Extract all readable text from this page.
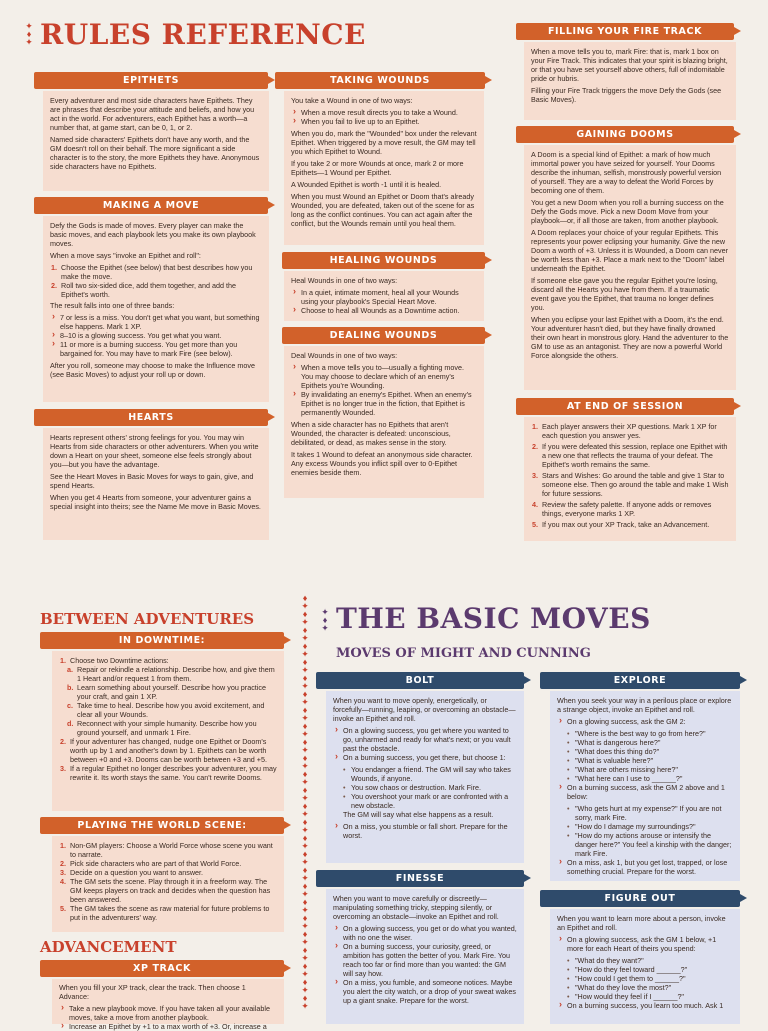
✦
♦
✦ RULES REFERENCE
EPITHETS

Every adventurer and most side characters have Epithets. They are phrases that describe your attitude and beliefs, and how you act in the world. For adventurers, each Epithet has a worth—a number that, at game start, can be 0, 1, or 2.

Named side characters' Epithets don't have any worth, and the GM doesn't roll on their behalf. The more significant a side character is to the story, the more Epithets they have. Anonymous side characters have no Epithets.

MAKING A MOVE

Defy the Gods is made of moves. Every player can make the basic moves, and each playbook lets you make its own playbook moves.

When a move says "invoke an Epithet and roll":

1. Choose the Epithet (see below) that best describes how you make the move.
2. Roll two six-sided dice, add them together, and add the Epithet's worth.

The result falls into one of three bands:

› 7 or less is a miss. You don't get what you want, but something else happens. Mark 1 XP.
› 8–10 is a glowing success. You get what you want.
› 11 or more is a burning success. You get more than you bargained for. You may have to mark Fire (see below).

After you roll, someone may choose to make the Influence move (see Basic Moves) to adjust your roll up or down.

HEARTS

Hearts represent others' strong feelings for you. You may win Hearts from side characters or other adventurers. When you write down a Heart on your sheet, someone else feels strongly about you—but you have the advantage.

See the Heart Moves in Basic Moves for ways to gain, give, and spend Hearts.

When you get 4 Hearts from someone, your adventurer gains a special insight into theirs; see the Name Me move in Basic Moves.

TAKING WOUNDS

You take a Wound in one of two ways:

› When a move result directs you to take a Wound.
› When you fail to live up to an Epithet.

When you do, mark the "Wounded" box under the relevant Epithet. When triggered by a move result, the GM may tell you which Epithet to Wound.

If you take 2 or more Wounds at once, mark 2 or more Epithets—1 Wound per Epithet.

A Wounded Epithet is worth -1 until it is healed.

When you must Wound an Epithet or Doom that's already Wounded, you are defeated, taken out of the scene for as long as the conflict continues. You can act again after the conflict, but the Wounds remain until you heal them.

HEALING WOUNDS

Heal Wounds in one of two ways:

› In a quiet, intimate moment, heal all your Wounds using your playbook's Special Heart Move.
› Choose to heal all Wounds as a Downtime action.
DEALING WOUNDS

Deal Wounds in one of two ways:

› When a move tells you to—usually a fighting move. You may choose to declare which of an enemy's Epithets you're Wounding.
› By invalidating an enemy's Epithet. When an enemy's Epithet is no longer true in the fiction, that Epithet is permanently Wounded.

When a side character has no Epithets that aren't Wounded, the character is defeated: unconscious, debilitated, or dead, as makes sense in the story.

It takes 1 Wound to defeat an anonymous side character. Any excess Wounds you inflict spill over to 0-Epithet enemies beside them.

FILLING YOUR FIRE TRACK

When a move tells you to, mark Fire: that is, mark 1 box on your Fire Track. This indicates that your spirit is blazing bright, or that you have set yourself above others, full of indomitable pride or hubris.

Filling your Fire Track triggers the move Defy the Gods (see Basic Moves).

GAINING DOOMS

A Doom is a special kind of Epithet: a mark of how much immortal power you have seized for yourself. Your Dooms describe the inhuman, selfish, monstrously powerful version of yourself. They are a way to defeat the World Forces by becoming one of them.

You get a new Doom when you roll a burning success on the Defy the Gods move. Pick a new Doom Move from your playbook—or, if all those are taken, from another playbook.

A Doom replaces your choice of your regular Epithets. This represents your power eclipsing your humanity. Give the new Doom a worth of +3. Unless it is Wounded, a Doom can never be worth less than +3. Place a mark next to the "Doom" label underneath the Epithet.

If someone else gave you the regular Epithet you're losing, discard all the Hearts you have from them. If a traumatic event gave you the Epithet, that trauma no longer defines you.

When you eclipse your last Epithet with a Doom, it's the end. Your adventurer hasn't died, but they have finally drowned their own heart in monstrous glory. Hand the adventurer to the GM to use as an antagonist. They are now a powerful World Force alongside the others.

AT END OF SESSION
1. Each player answers their XP questions. Mark 1 XP for each question you answer yes.
2. If you were defeated this session, replace one Epithet with a new one that reflects the trauma of your defeat. The Epithet's worth remains the same.
3. Stars and Wishes: Go around the table and give 1 Star to someone else. Then go around the table and make 1 Wish for future sessions.
4. Review the safety palette. If anyone adds or removes things, everyone marks 1 XP.
5. If you max out your XP Track, take an Advancement.
BETWEEN ADVENTURES
IN DOWNTIME:
1. Choose two Downtime actions:
a. Repair or rekindle a relationship. Describe how, and give them 1 Heart and/or request 1 from them.
b. Learn something about yourself. Describe how you practice your craft, and gain 1 XP.
c. Take time to heal. Describe how you avoid excitement, and clear all your Wounds.
d. Reconnect with your simple humanity. Describe how you ground yourself, and unmark 1 Fire.
2. If your adventurer has changed, nudge one Epithet or Doom's worth up by 1 and another's down by 1. Epithets can be worth between +0 and +3. Dooms can be worth between +3 and +5.
3. If a regular Epithet no longer describes your adventurer, you may rewrite it. Its worth stays the same. You can't rewrite Dooms.
PLAYING THE WORLD SCENE:
1. Non-GM players: Choose a World Force whose scene you want to narrate.
2. Pick side characters who are part of that World Force.
3. Decide on a question you want to answer.
4. The GM sets the scene. Play through it in a freeform way. The GM keeps players on track and decides when the question has been answered.
5. The GM takes the scene as raw material for future problems to put in the adventurers' way.
ADVANCEMENT
XP TRACK

When you fill your XP track, clear the track. Then choose 1 Advance:

› Take a new playbook move. If you have taken all your available moves, take a move from another playbook.
› Increase an Epithet by +1 to a max worth of +3. Or, increase a
♦
✦
♦
✦
♦
✦
♦
✦
♦
✦
♦
✦
♦
✦
♦
✦
♦
✦
♦
✦
♦
✦
♦
✦
♦
✦
♦
✦
♦
✦
♦
✦
♦
✦
♦
✦
♦
✦
♦
✦
♦
✦
♦
✦
♦
✦
♦
✦
♦
✦
♦
✦
✦
♦
✦ THE BASIC MOVES
MOVES OF MIGHT AND CUNNING
BOLT

When you want to move openly, energetically, or forcefully—running, leaping, or overcoming an obstacle—invoke an Epithet and roll.

› On a glowing success, you get where you wanted to go, unharmed and ready for what's next; or you vault past the obstacle.
› On a burning success, you get there, but choose 1:
• You endanger a friend. The GM will say who takes Wounds, if anyone.
• You sow chaos or destruction. Mark Fire.
• You overshoot your mark or are confronted with a new obstacle.

The GM will say what else happens as a result.

› On a miss, you stumble or fall short. Prepare for the worst.
FINESSE

When you want to move carefully or discreetly—manipulating something tricky, stepping silently, or overcoming an obstacle—invoke an Epithet and roll.

› On a glowing success, you get or do what you wanted, with no one the wiser.
› On a burning success, your curiosity, greed, or ambition has gotten the better of you. Mark Fire. You reach too far or find more than you wanted: the GM will say how.
› On a miss, you fumble, and someone notices. Maybe you alert the city watch, or a drop of your sweat wakes up a giant snake. Prepare for the worst.
EXPLORE

When you seek your way in a perilous place or explore a strange object, invoke an Epithet and roll.

› On a glowing success, ask the GM 2:
• "Where is the best way to go from here?"
• "What is dangerous here?"
• "What does this thing do?"
• "What is valuable here?"
• "What are others missing here?"
• "What here can I use to ______?"
› On a burning success, ask the GM 2 above and 1 below:
• "Who gets hurt at my expense?" If you are not sorry, mark Fire.
• "How do I damage my surroundings?"
• "How do my actions arouse or intensify the danger here?" You feel a kinship with the danger; mark Fire.
› On a miss, ask 1, but you get lost, trapped, or lose something crucial. Prepare for the worst.
FIGURE OUT

When you want to learn more about a person, invoke an Epithet and roll.

› On a glowing success, ask the GM 1 below, +1 more for each Heart of theirs you spend:
• "What do they want?"
• "How do they feel toward ______?"
• "How could I get them to ______?"
• "What do they love the most?"
• "How would they feel if I ______?"
› On a burning success, you learn too much. Ask 1
